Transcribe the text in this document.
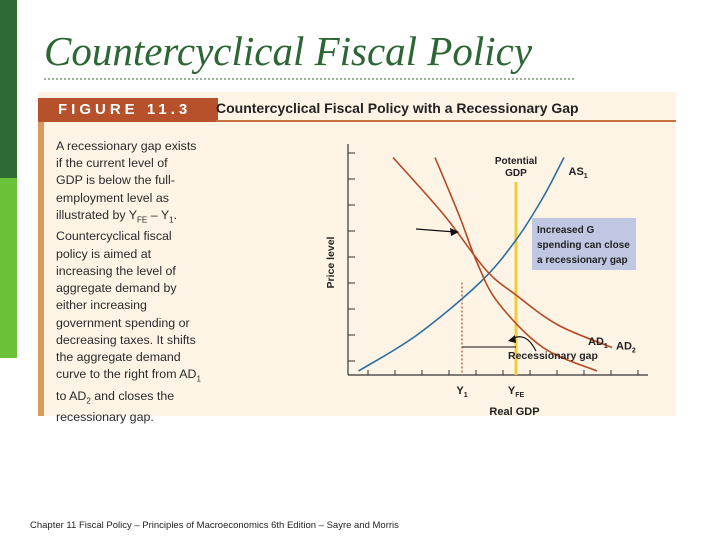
Countercyclical Fiscal Policy
FIGURE 11.3	Countercyclical Fiscal Policy with a Recessionary Gap
A recessionary gap exists
if the current level of
GDP is below the full-
employment level as
illustrated by $Y_{FE} - Y_1$.
Countercyclical fiscal
policy is aimed at
increasing the level of
aggregate demand by
either increasing
government spending or
decreasing taxes. It shifts
the aggregate demand
curve to the right from $AD_1$
to $AD_2$ and closes the
recessionary gap.
Price level
Real GDP
Potential
GDP	$AS_1$
$AD_2$
$AD_1$
$Y_1$	$Y_{FE}$
Increased G
spending can close
a recessionary gap
Recessionary gap
Chapter 11 Fiscal Policy – Principles of Macroeconomics 6th Edition – Sayre and Morris
